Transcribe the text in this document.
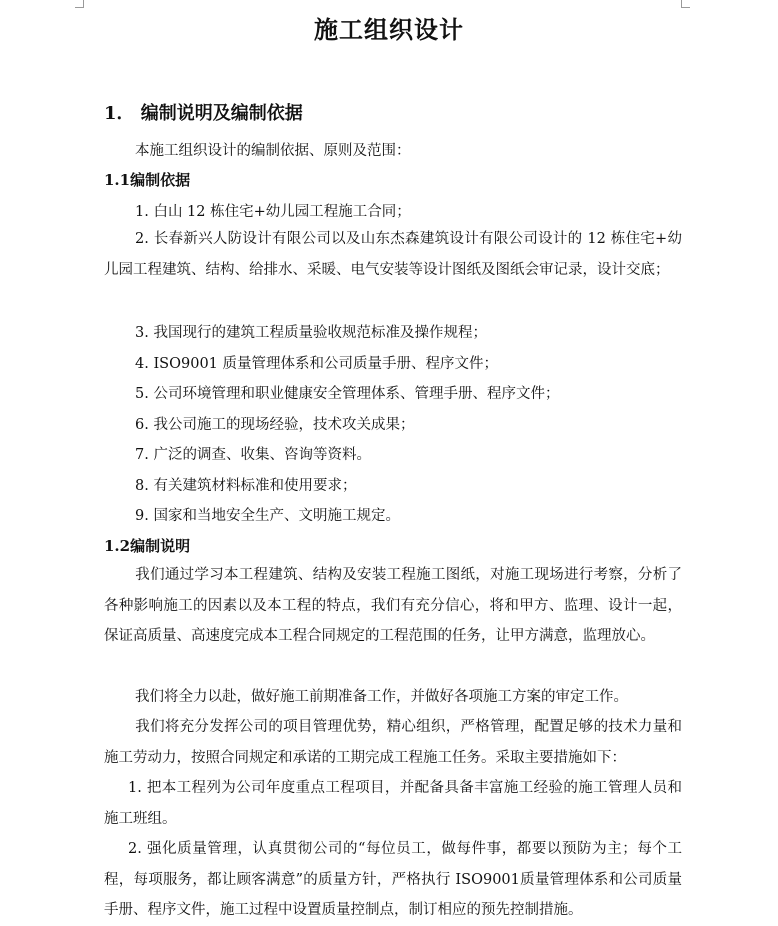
施工组织设计
1． 编制说明及编制依据
本施工组织设计的编制依据、原则及范围：
1.1编制依据
1. 白山 12 栋住宅+幼儿园工程施工合同；
2. 长春新兴人防设计有限公司以及山东杰森建筑设计有限公司设计的 12 栋住宅+幼儿园工程建筑、结构、给排水、采暖、电气安装等设计图纸及图纸会审记录，设计交底；
3. 我国现行的建筑工程质量验收规范标准及操作规程；
4. ISO9001 质量管理体系和公司质量手册、程序文件；
5. 公司环境管理和职业健康安全管理体系、管理手册、程序文件；
6. 我公司施工的现场经验，技术攻关成果；
7. 广泛的调查、收集、咨询等资料。
8. 有关建筑材料标准和使用要求；
9. 国家和当地安全生产、文明施工规定。
1.2编制说明
我们通过学习本工程建筑、结构及安装工程施工图纸，对施工现场进行考察，分析了各种影响施工的因素以及本工程的特点，我们有充分信心，将和甲方、监理、设计一起，保证高质量、高速度完成本工程合同规定的工程范围的任务，让甲方满意，监理放心。
我们将全力以赴，做好施工前期准备工作，并做好各项施工方案的审定工作。
我们将充分发挥公司的项目管理优势，精心组织，严格管理，配置足够的技术力量和施工劳动力，按照合同规定和承诺的工期完成工程施工任务。采取主要措施如下：
1. 把本工程列为公司年度重点工程项目，并配备具备丰富施工经验的施工管理人员和施工班组。
2. 强化质量管理，认真贯彻公司的“每位员工，做每件事，都要以预防为主；每个工程，每项服务，都让顾客满意”的质量方针，严格执行 ISO9001质量管理体系和公司质量手册、程序文件，施工过程中设置质量控制点，制订相应的预先控制措施。
